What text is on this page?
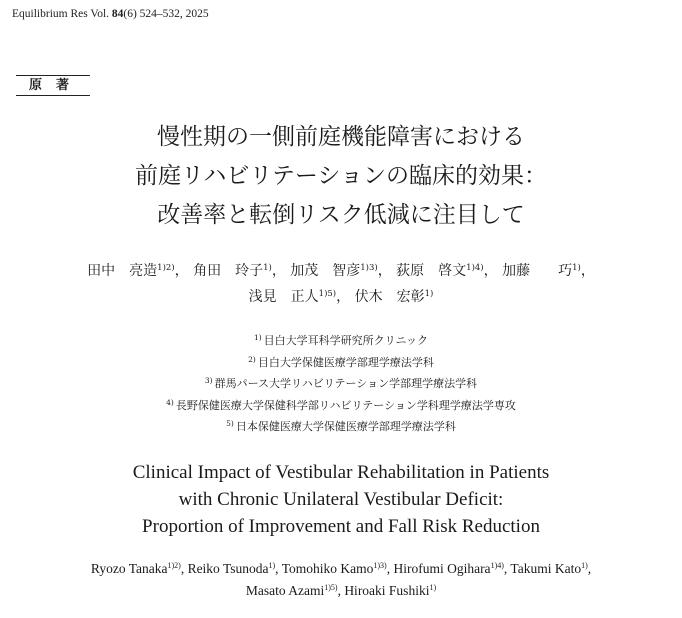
Equilibrium Res Vol. 84(6) 524–532, 2025
原著
慢性期の一側前庭機能障害における
前庭リハビリテーションの臨床的効果：
改善率と転倒リスク低減に注目して
田中　亮造$^{1)2)}$， 角田　玲子$^{1)}$， 加茂　智彦$^{1)3)}$， 荻原　啓文$^{1)4)}$， 加藤　　巧$^{1)}$，
浅見　正人$^{1)5)}$， 伏木　宏彰$^{1)}$
$^{1)}$ 目白大学耳科学研究所クリニック
$^{2)}$ 目白大学保健医療学部理学療法学科
$^{3)}$ 群馬パース大学リハビリテーション学部理学療法学科
$^{4)}$ 長野保健医療大学保健科学部リハビリテーション学科理学療法学専攻
$^{5)}$ 日本保健医療大学保健医療学部理学療法学科
Clinical Impact of Vestibular Rehabilitation in Patients
with Chronic Unilateral Vestibular Deficit:
Proportion of Improvement and Fall Risk Reduction
Ryozo Tanaka$^{1)2)}$, Reiko Tsunoda$^{1)}$, Tomohiko Kamo$^{1)3)}$, Hirofumi Ogihara$^{1)4)}$, Takumi Kato$^{1)}$,
Masato Azami$^{1)5)}$, Hiroaki Fushiki$^{1)}$
